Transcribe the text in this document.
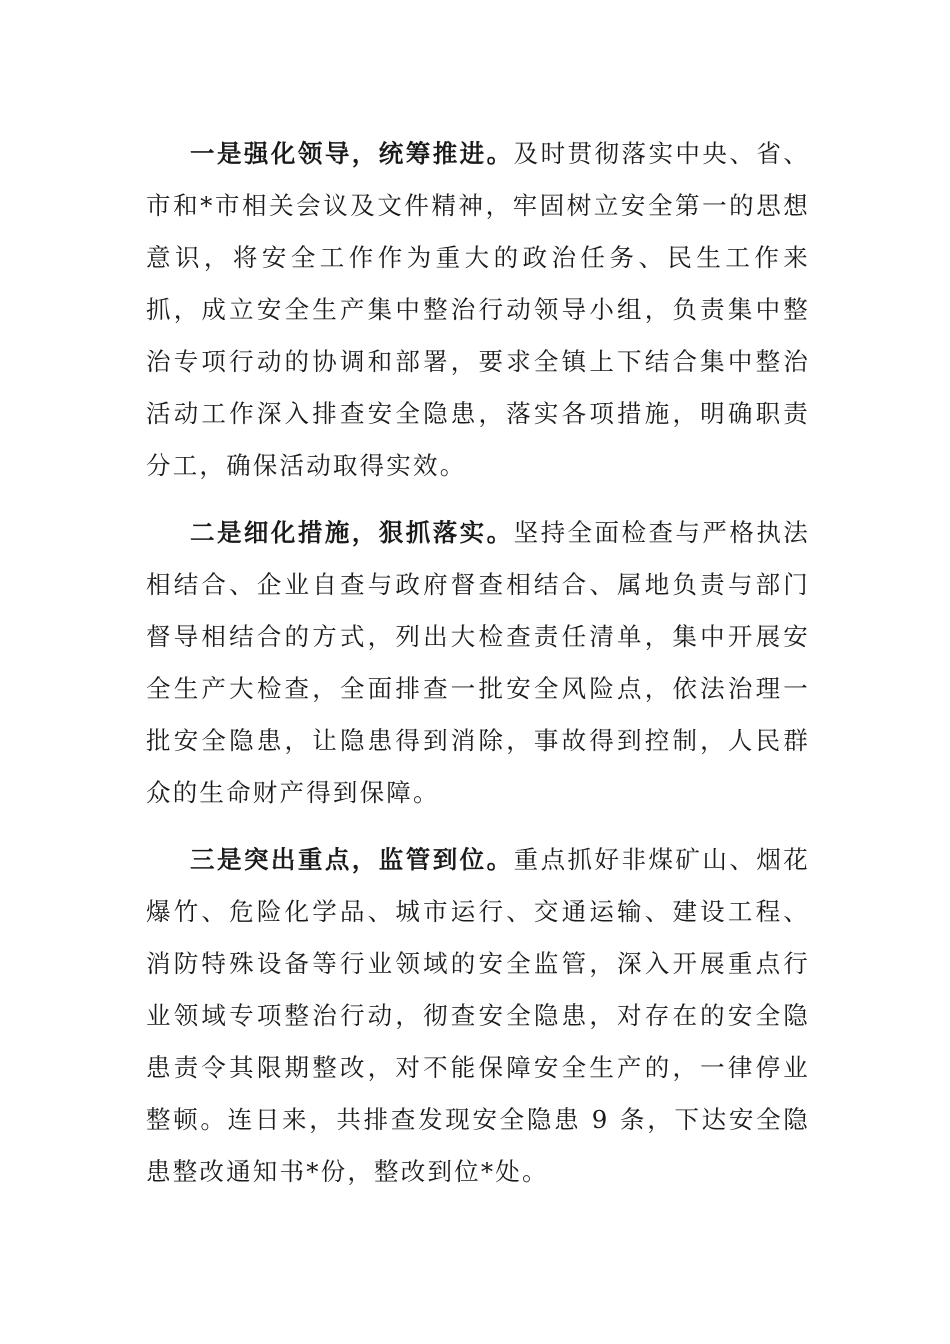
一是强化领导，统筹推进。及时贯彻落实中央、省、市和*市相关会议及文件精神，牢固树立安全第一的思想意识，将安全工作作为重大的政治任务、民生工作来抓，成立安全生产集中整治行动领导小组，负责集中整治专项行动的协调和部署，要求全镇上下结合集中整治活动工作深入排查安全隐患，落实各项措施，明确职责分工，确保活动取得实效。

二是细化措施，狠抓落实。坚持全面检查与严格执法相结合、企业自查与政府督查相结合、属地负责与部门督导相结合的方式，列出大检查责任清单，集中开展安全生产大检查，全面排查一批安全风险点，依法治理一批安全隐患，让隐患得到消除，事故得到控制，人民群众的生命财产得到保障。

三是突出重点，监管到位。重点抓好非煤矿山、烟花爆竹、危险化学品、城市运行、交通运输、建设工程、消防特殊设备等行业领域的安全监管，深入开展重点行业领域专项整治行动，彻查安全隐患，对存在的安全隐患责令其限期整改，对不能保障安全生产的，一律停业整顿。连日来，共排查发现安全隐患 9 条，下达安全隐患整改通知书*份，整改到位*处。
